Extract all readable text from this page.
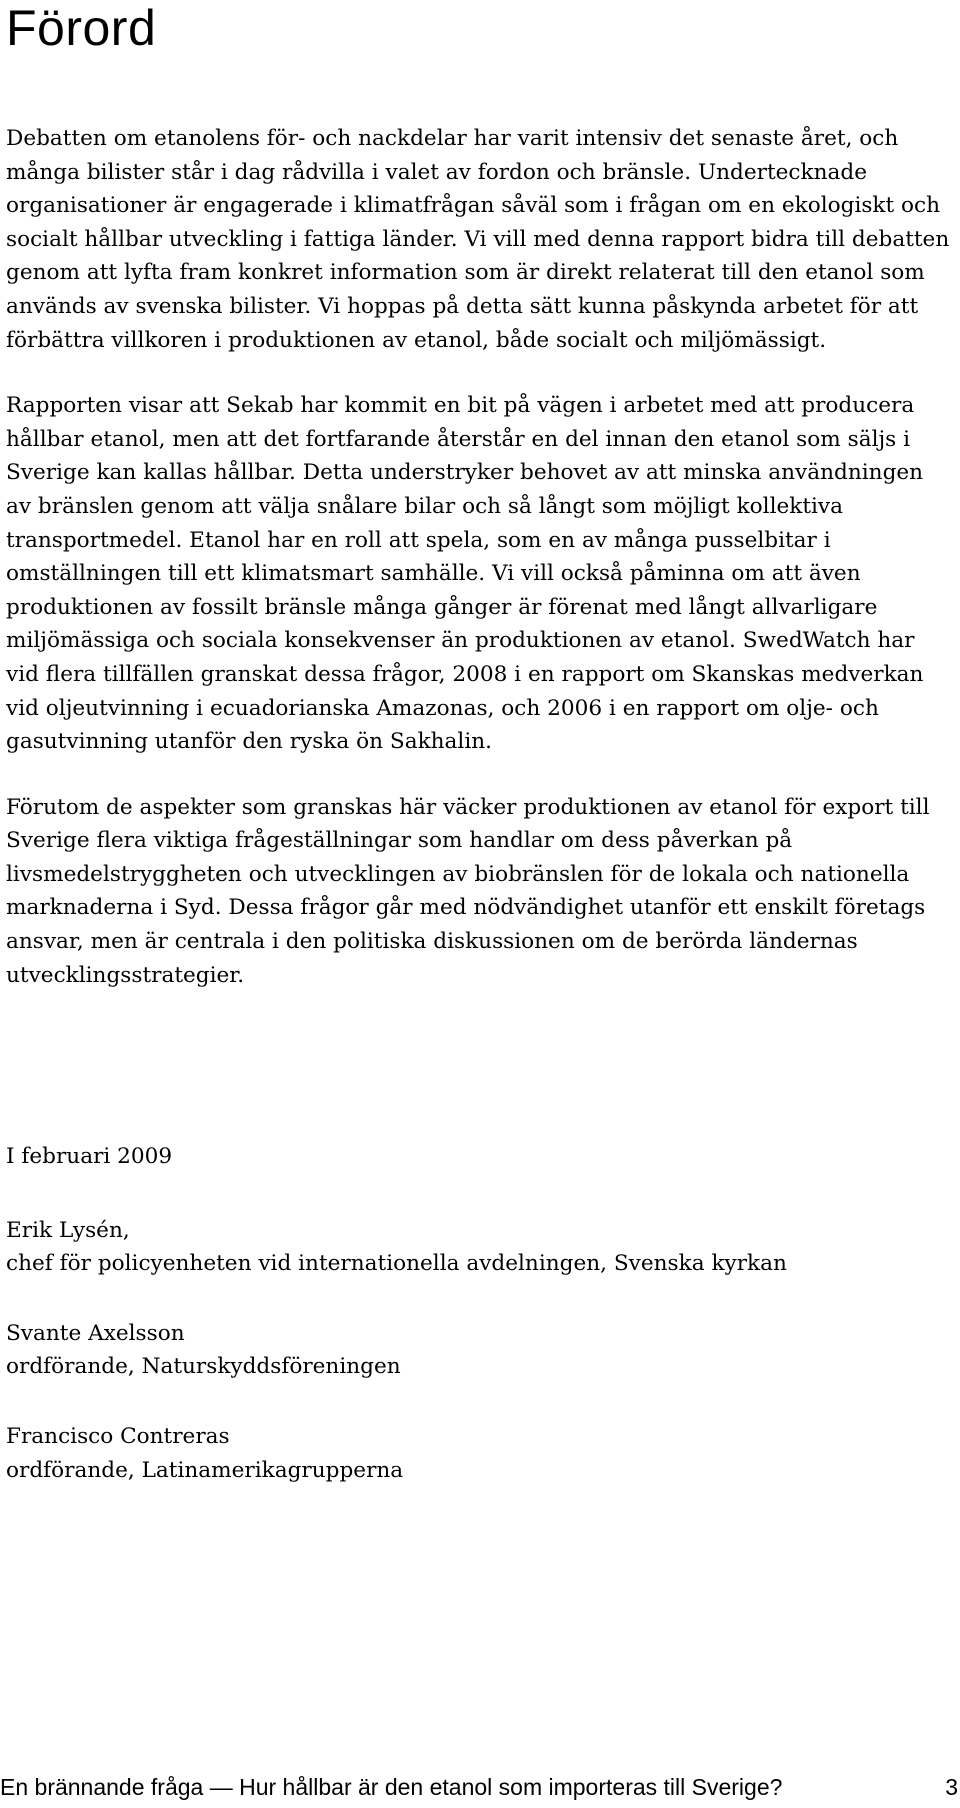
Förord

Debatten om etanolens för- och nackdelar har varit intensiv det senaste året, och många bilister står i dag rådvilla i valet av fordon och bränsle. Undertecknade organisationer är engagerade i klimatfrågan såväl som i frågan om en ekologiskt och socialt hållbar utveckling i fattiga länder. Vi vill med denna rapport bidra till debatten genom att lyfta fram konkret information som är direkt relaterat till den etanol som används av svenska bilister. Vi hoppas på detta sätt kunna påskynda arbetet för att förbättra villkoren i produktionen av etanol, både socialt och miljömässigt.

Rapporten visar att Sekab har kommit en bit på vägen i arbetet med att producera hållbar etanol, men att det fortfarande återstår en del innan den etanol som säljs i Sverige kan kallas hållbar. Detta understryker behovet av att minska användningen av bränslen genom att välja snålare bilar och så långt som möjligt kollektiva transportmedel. Etanol har en roll att spela, som en av många pusselbitar i omställningen till ett klimatsmart samhälle. Vi vill också påminna om att även produktionen av fossilt bränsle många gånger är förenat med långt allvarligare miljömässiga och sociala konsekvenser än produktionen av etanol. SwedWatch har vid flera tillfällen granskat dessa frågor, 2008 i en rapport om Skanskas medverkan vid oljeutvinning i ecuadorianska Amazonas, och 2006 i en rapport om olje- och gasutvinning utanför den ryska ön Sakhalin.

Förutom de aspekter som granskas här väcker produktionen av etanol för export till Sverige flera viktiga frågeställningar som handlar om dess påverkan på livsmedelstryggheten och utvecklingen av biobränslen för de lokala och nationella marknaderna i Syd. Dessa frågor går med nödvändighet utanför ett enskilt företags ansvar, men är centrala i den politiska diskussionen om de berörda ländernas utvecklingsstrategier.

I februari 2009
Erik Lysén,
chef för policyenheten vid internationella avdelningen, Svenska kyrkan
Svante Axelsson
ordförande, Naturskyddsföreningen
Francisco Contreras
ordförande, Latinamerikagrupperna
En brännande fråga — Hur hållbar är den etanol som importeras till Sverige?	3
